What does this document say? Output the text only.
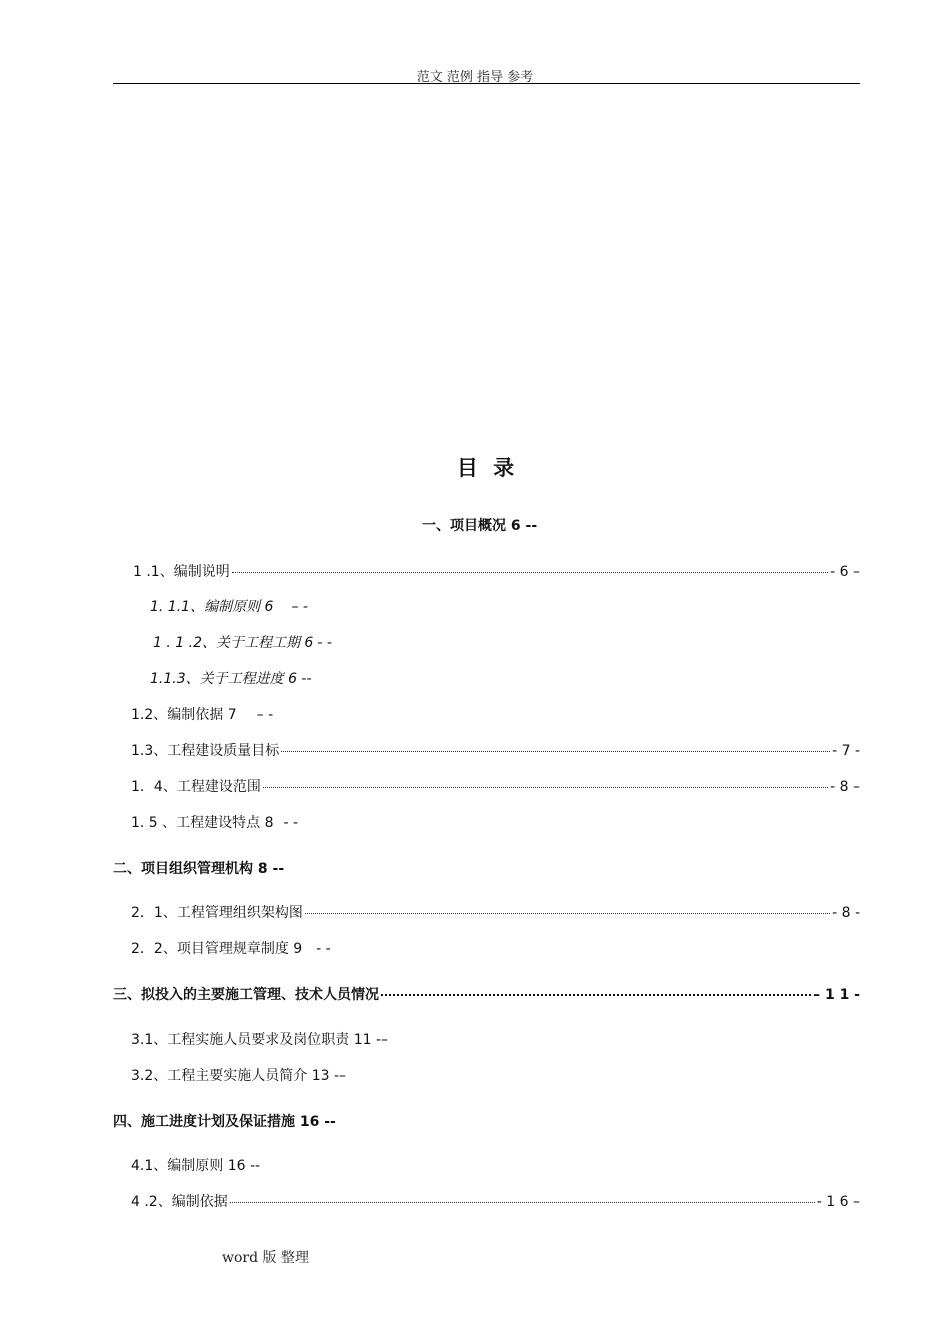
范文 范例 指导 参考
目 录
一、项目概况 6 - -
1 .1、编制说明	- 6 –
1. 1.1、编制原则 6 – -
1 . 1 .2、关于工程工期 6 - -
1.1.3、关于工程进度 6 - -
1.2、编制依据 7 – -
1.3、工程建设质量目标	- 7 -
1．4、工程建设范围	- 8 –
1. 5 、工程建设特点 8 - -
二、项目组织管理机构 8 - -
2．1、工程管理组织架构图	- 8 -
2．2、项目管理规章制度 9 - -
三、拟投入的主要施工管理、技术人员情况	– 1 1 -
3.1、工程实施人员要求及岗位职责 11 - –
3.2、工程主要实施人员简介 13 - –
四、施工进度计划及保证措施 16 - -
4.1、编制原则 16 - -
4 .2、编制依据	- 1 6 –
word 版 整理
